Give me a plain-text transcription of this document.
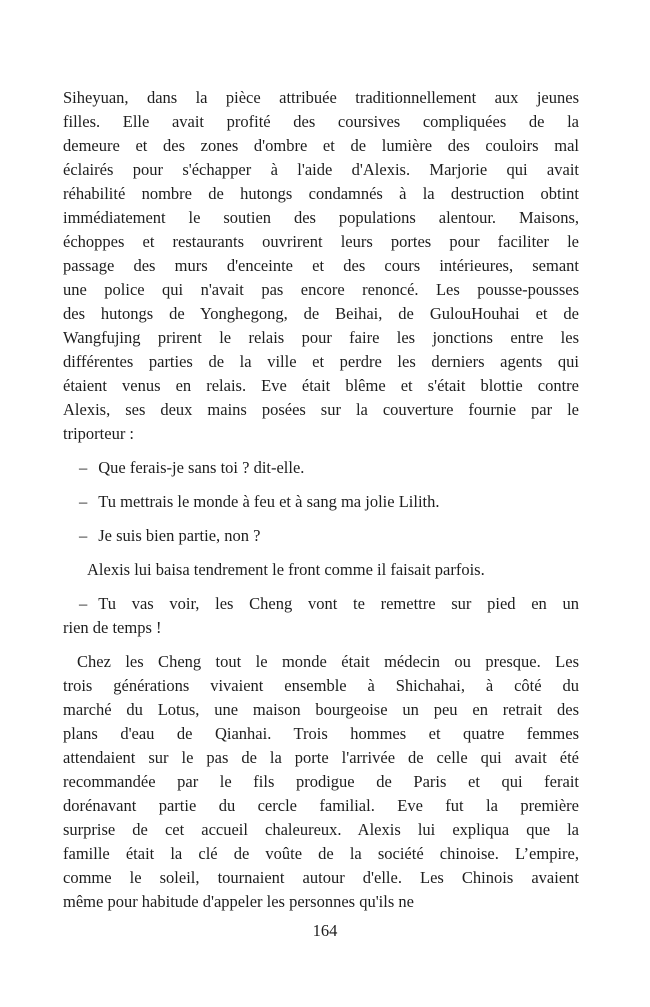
Siheyuan, dans la pièce attribuée traditionnellement aux jeunes
filles. Elle avait profité des coursives compliquées de la
demeure et des zones d'ombre et de lumière des couloirs mal
éclairés pour s'échapper à l'aide d'Alexis. Marjorie qui avait
réhabilité nombre de hutongs condamnés à la destruction obtint
immédiatement le soutien des populations alentour. Maisons,
échoppes et restaurants ouvrirent leurs portes pour faciliter le
passage des murs d'enceinte et des cours intérieures, semant
une police qui n'avait pas encore renoncé. Les pousse-pousses
des hutongs de Yonghegong, de Beihai, de GulouHouhai et de
Wangfujing prirent le relais pour faire les jonctions entre les
différentes parties de la ville et perdre les derniers agents qui
étaient venus en relais. Eve était blême et s'était blottie contre
Alexis, ses deux mains posées sur la couverture fournie par le
triporteur :
– Que ferais-je sans toi ? dit-elle.
– Tu mettrais le monde à feu et à sang ma jolie Lilith.
– Je suis bien partie, non ?
Alexis lui baisa tendrement le front comme il faisait parfois.
– Tu vas voir, les Cheng vont te remettre sur pied en un
rien de temps !
Chez les Cheng tout le monde était médecin ou presque. Les
trois générations vivaient ensemble à Shichahai, à côté du
marché du Lotus, une maison bourgeoise un peu en retrait des
plans d'eau de Qianhai. Trois hommes et quatre femmes
attendaient sur le pas de la porte l'arrivée de celle qui avait été
recommandée par le fils prodigue de Paris et qui ferait
dorénavant partie du cercle familial. Eve fut la première
surprise de cet accueil chaleureux. Alexis lui expliqua que la
famille était la clé de voûte de la société chinoise. L’empire,
comme le soleil, tournaient autour d'elle. Les Chinois avaient
même pour habitude d'appeler les personnes qu'ils ne
164
